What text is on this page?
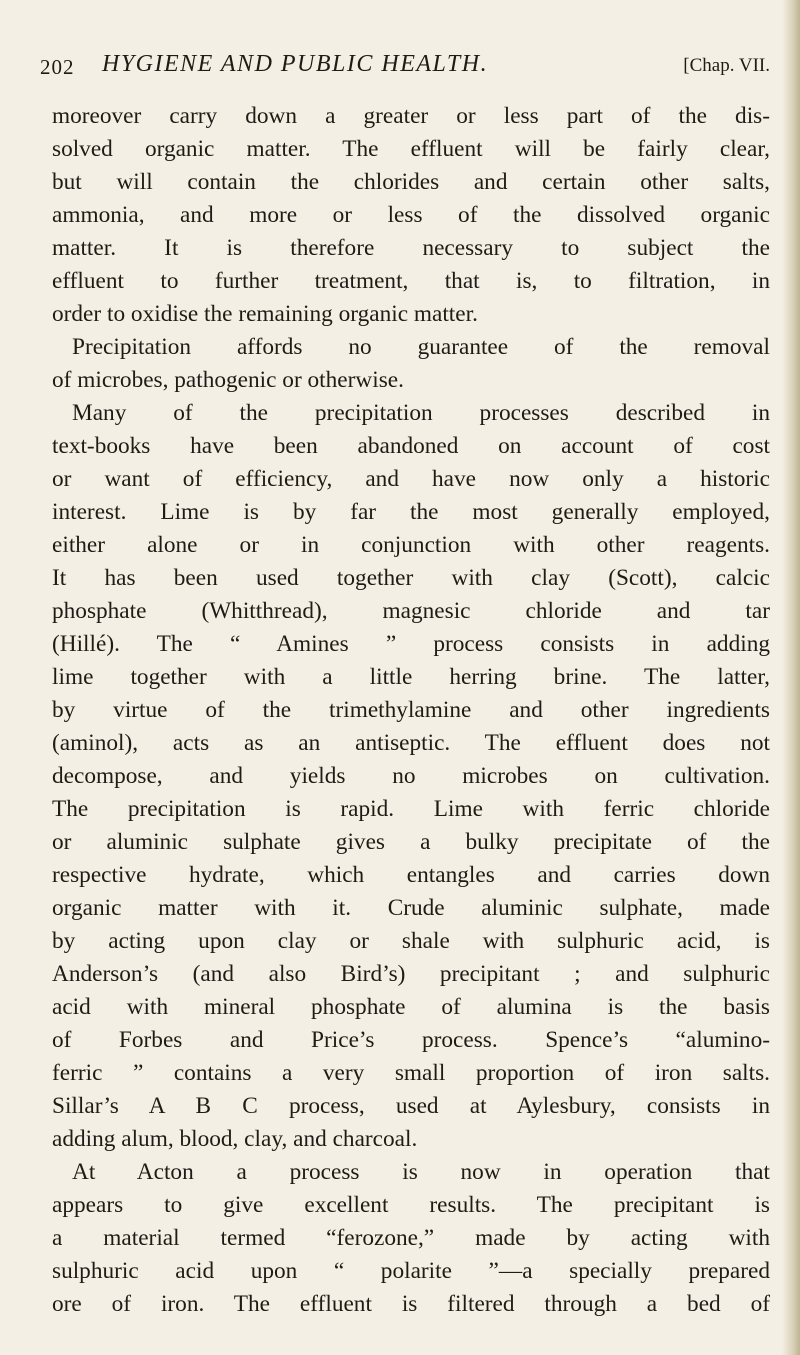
202 HYGIENE AND PUBLIC HEALTH.	[Chap. VII.
moreover carry down a greater or less part of the dis-
solved organic matter. The effluent will be fairly clear,
but will contain the chlorides and certain other salts,
ammonia, and more or less of the dissolved organic
matter. It is therefore necessary to subject the
effluent to further treatment, that is, to filtration, in
order to oxidise the remaining organic matter.
Precipitation affords no guarantee of the removal
of microbes, pathogenic or otherwise.
Many of the precipitation processes described in
text-books have been abandoned on account of cost
or want of efficiency, and have now only a historic
interest. Lime is by far the most generally employed,
either alone or in conjunction with other reagents.
It has been used together with clay (Scott), calcic
phosphate (Whitthread), magnesic chloride and tar
(Hillé). The “ Amines ” process consists in adding
lime together with a little herring brine. The latter,
by virtue of the trimethylamine and other ingredients
(aminol), acts as an antiseptic. The effluent does not
decompose, and yields no microbes on cultivation.
The precipitation is rapid. Lime with ferric chloride
or aluminic sulphate gives a bulky precipitate of the
respective hydrate, which entangles and carries down
organic matter with it. Crude aluminic sulphate, made
by acting upon clay or shale with sulphuric acid, is
Anderson’s (and also Bird’s) precipitant ; and sulphuric
acid with mineral phosphate of alumina is the basis
of Forbes and Price’s process. Spence’s “alumino-
ferric ” contains a very small proportion of iron salts.
Sillar’s A B C process, used at Aylesbury, consists in
adding alum, blood, clay, and charcoal.
At Acton a process is now in operation that
appears to give excellent results. The precipitant is
a material termed “ferozone,” made by acting with
sulphuric acid upon “ polarite ”—a specially prepared
ore of iron. The effluent is filtered through a bed of
